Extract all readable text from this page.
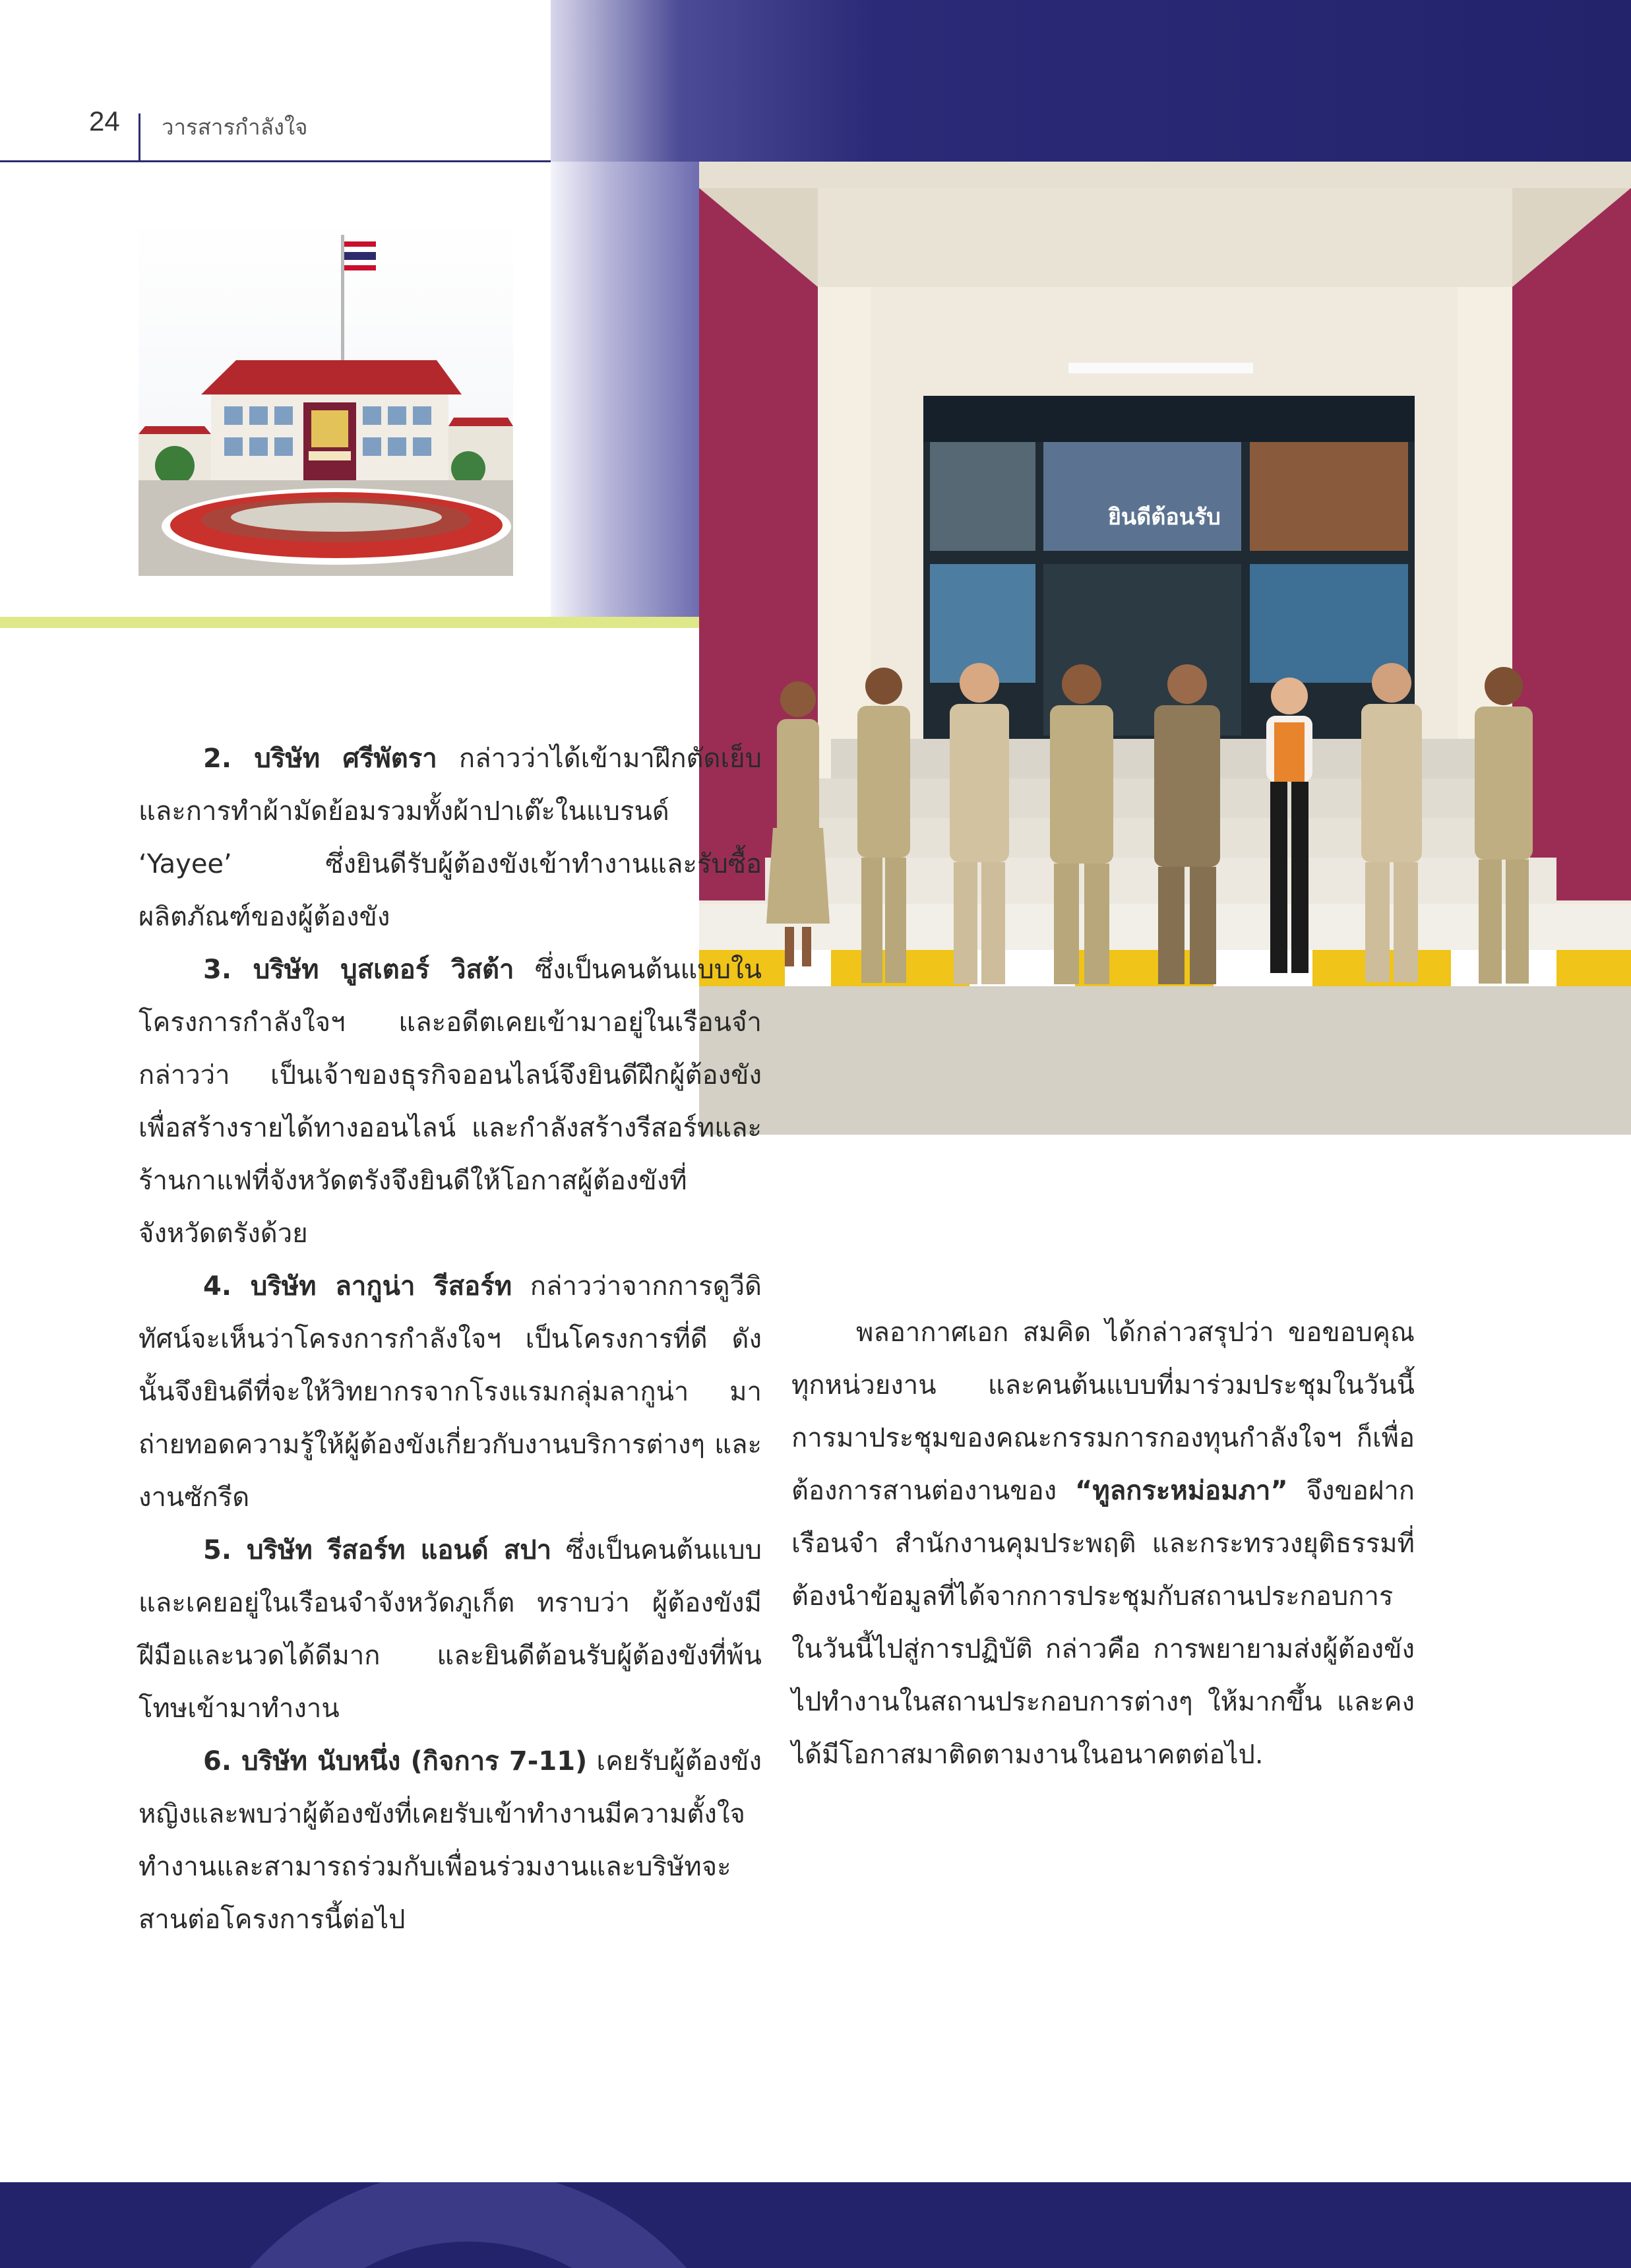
24 วารสารกำลังใจ
ยินดีต้อนรับ

2. บริษัท ศรีพัตรา กล่าวว่าได้เข้ามาฝึกตัดเย็บ และการทำผ้ามัดย้อมรวมทั้งผ้าปาเต๊ะในแบรนด์ ‘Yayee’ ซึ่งยินดีรับผู้ต้องขังเข้าทำงานและรับซื้อผลิตภัณฑ์ของผู้ต้องขัง

3. บริษัท บูสเตอร์ วิสต้า ซึ่งเป็นคนต้นแบบในโครงการกำลังใจฯ และอดีตเคยเข้ามาอยู่ในเรือนจำ กล่าวว่า เป็นเจ้าของธุรกิจออนไลน์จึงยินดีฝึกผู้ต้องขังเพื่อสร้างรายได้ทางออนไลน์ และกำลังสร้างรีสอร์ทและร้านกาแฟที่จังหวัดตรังจึงยินดีให้โอกาสผู้ต้องขังที่จังหวัดตรังด้วย

4. บริษัท ลากูน่า รีสอร์ท กล่าวว่าจากการดูวีดิทัศน์จะเห็นว่าโครงการกำลังใจฯ เป็นโครงการที่ดี ดังนั้นจึงยินดีที่จะให้วิทยากรจากโรงแรมกลุ่มลากูน่า มาถ่ายทอดความรู้ให้ผู้ต้องขังเกี่ยวกับงานบริการต่างๆ และงานซักรีด

5. บริษัท รีสอร์ท แอนด์ สปา ซึ่งเป็นคนต้นแบบและเคยอยู่ในเรือนจำจังหวัดภูเก็ต ทราบว่า ผู้ต้องขังมีฝีมือและนวดได้ดีมาก และยินดีต้อนรับผู้ต้องขังที่พ้นโทษเข้ามาทำงาน

6. บริษัท นับหนึ่ง (กิจการ 7-11) เคยรับผู้ต้องขังหญิงและพบว่าผู้ต้องขังที่เคยรับเข้าทำงานมีความตั้งใจทำงานและสามารถร่วมกับเพื่อนร่วมงานและบริษัทจะสานต่อโครงการนี้ต่อไป

พลอากาศเอก สมคิด ได้กล่าวสรุปว่า ขอขอบคุณทุกหน่วยงาน และคนต้นแบบที่มาร่วมประชุมในวันนี้ การมาประชุมของคณะกรรมการกองทุนกำลังใจฯ ก็เพื่อต้องการสานต่องานของ “ทูลกระหม่อมภา” จึงขอฝากเรือนจำ สำนักงานคุมประพฤติ และกระทรวงยุติธรรมที่ต้องนำข้อมูลที่ได้จากการประชุมกับสถานประกอบการในวันนี้ไปสู่การปฏิบัติ กล่าวคือ การพยายามส่งผู้ต้องขังไปทำงานในสถานประกอบการต่างๆ ให้มากขึ้น และคงได้มีโอกาสมาติดตามงานในอนาคตต่อไป.
